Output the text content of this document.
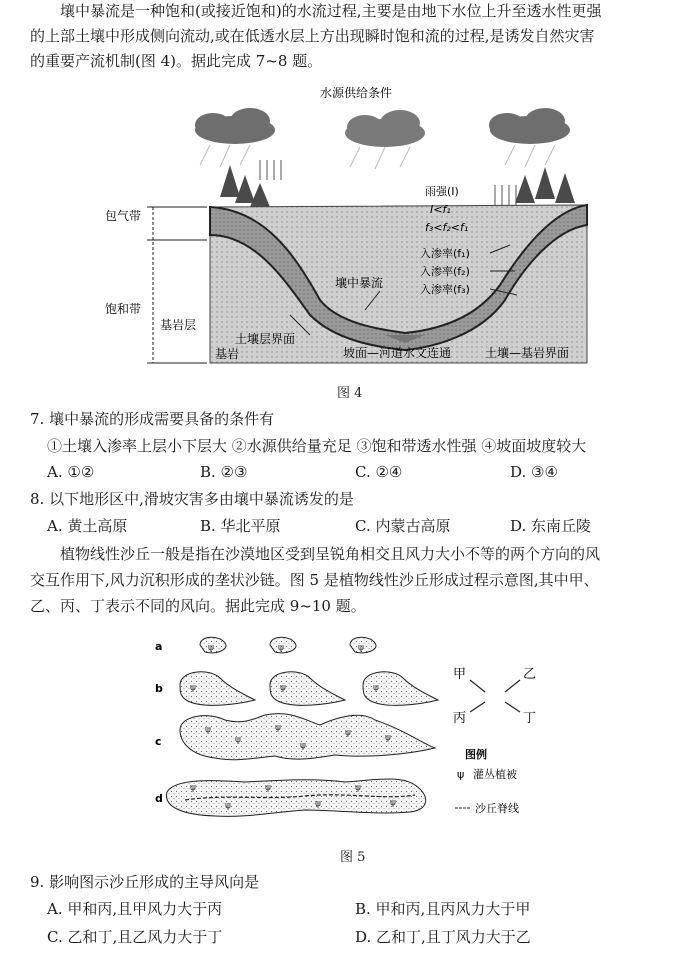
壤中暴流是一种饱和(或接近饱和)的水流过程,主要是由地下水位上升至透水性更强
的上部土壤中形成侧向流动,或在低透水层上方出现瞬时饱和流的过程,是诱发自然灾害
的重要产流机制(图 4)。据此完成 7~8 题。
包气带
饱和带
基岩层
基岩
土壤层界面
水源供给条件
壤中暴流
坡面—河道水文连通	土壤—基岩界面
雨强(I)
I<f₁
f₃<f₂<f₁
入渗率(f₁)
入渗率(f₂)
入渗率(f₃)
图 4
7. 壤中暴流的形成需要具备的条件有
①土壤入渗率上层小下层大 ②水源供给量充足 ③饱和带透水性强 ④坡面坡度较大
A. ①②	B. ②③	C. ②④	D. ③④
8. 以下地形区中,滑坡灾害多由壤中暴流诱发的是
A. 黄土高原	B. 华北平原	C. 内蒙古高原	D. 东南丘陵
植物线性沙丘一般是指在沙漠地区受到呈锐角相交且风力大小不等的两个方向的风
交互作用下,风力沉积形成的垄状沙链。图 5 是植物线性沙丘形成过程示意图,其中甲、
乙、丙、丁表示不同的风向。据此完成 9~10 题。
a
b
c
d
ψ	ψ	ψ
ψ	ψ	ψ
ψ
ψ
ψ
ψ
ψ	ψ
ψ
ψ
ψ
ψ
ψ
ψ
甲	乙
丙	丁
图例
ψ 灌丛植被
沙丘脊线
图 5
9. 影响图示沙丘形成的主导风向是
A. 甲和丙,且甲风力大于丙	B. 甲和丙,且丙风力大于甲
C. 乙和丁,且乙风力大于丁	D. 乙和丁,且丁风力大于乙
